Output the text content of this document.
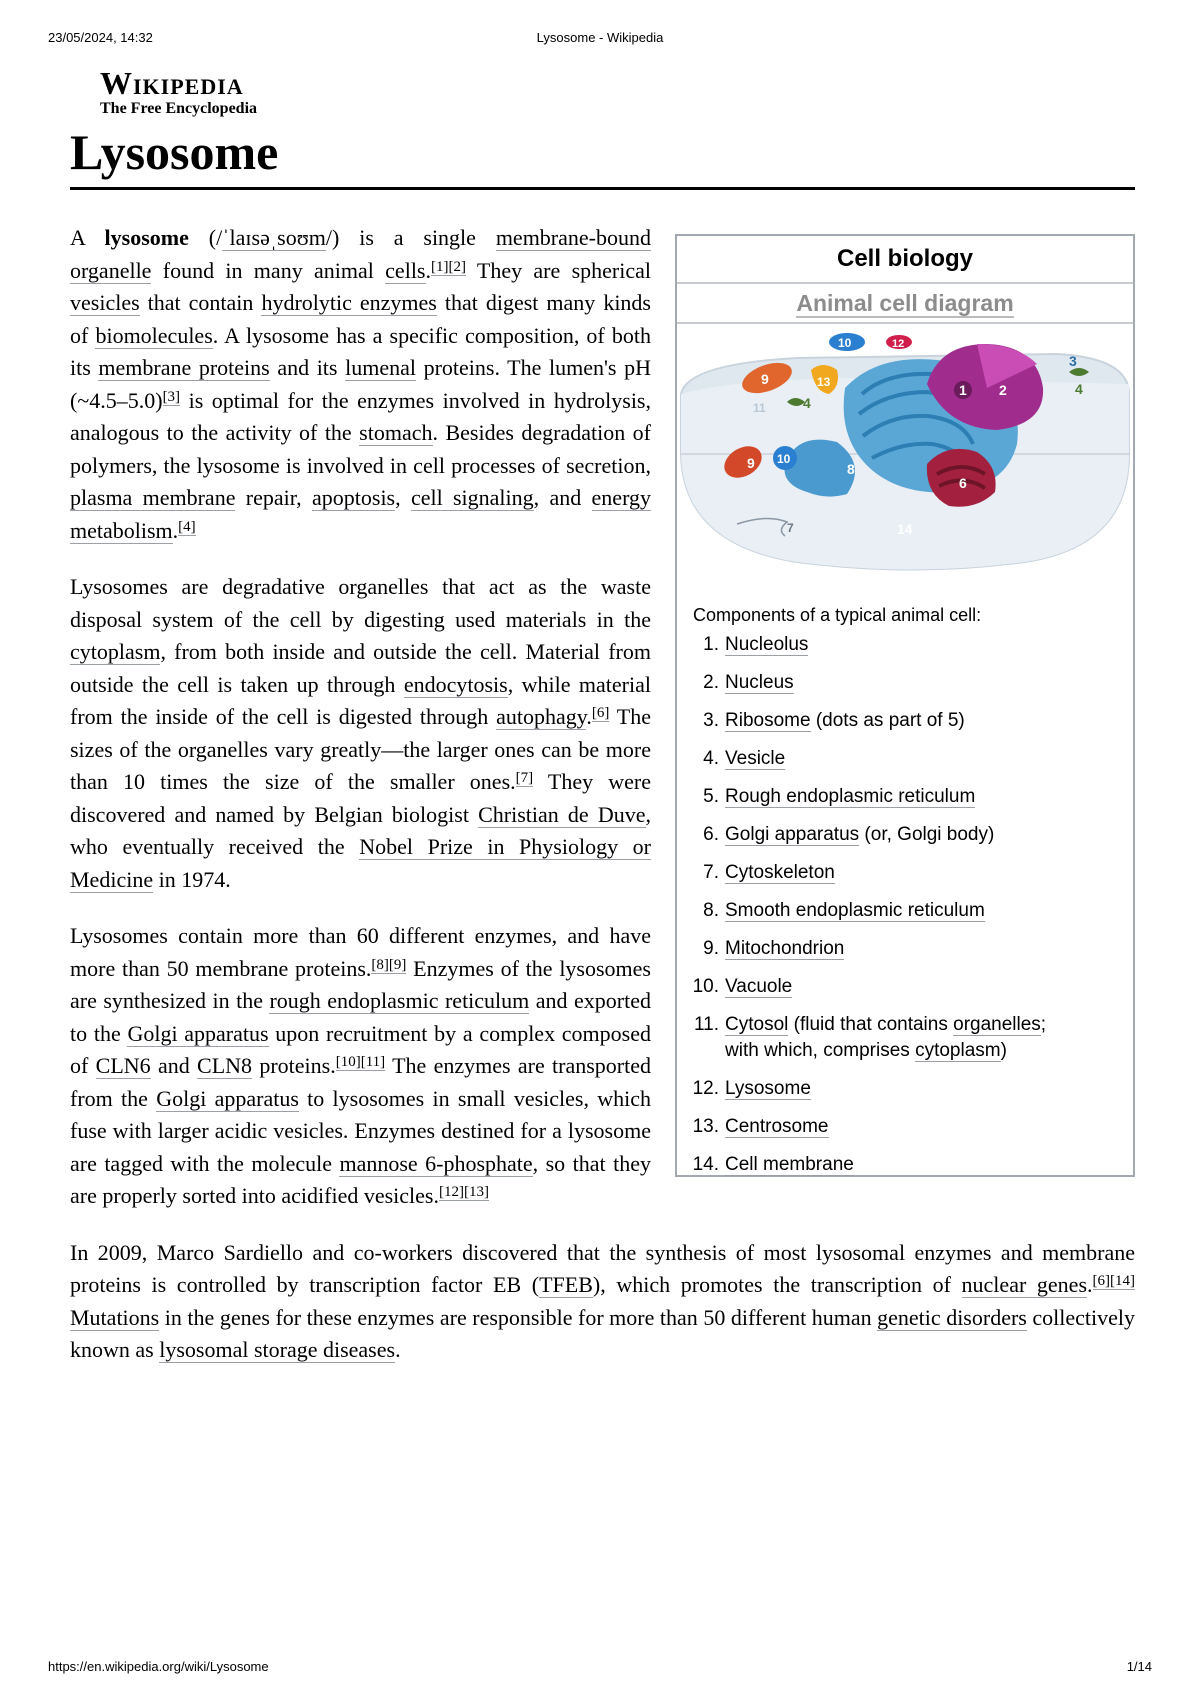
23/05/2024, 14:32	Lysosome - Wikipedia
Wikipedia
The Free Encyclopedia
Lysosome
Cell biology
Animal cell diagram
1 2
6
8
9
9
10
10
12
13
14
3
4
4
7
11
Components of a typical animal cell:
1. Nucleolus
2. Nucleus
3. Ribosome (dots as part of 5)
4. Vesicle
5. Rough endoplasmic reticulum
6. Golgi apparatus (or, Golgi body)
7. Cytoskeleton
8. Smooth endoplasmic reticulum
9. Mitochondrion
10. Vacuole
11. Cytosol (fluid that contains organelles;
with which, comprises cytoplasm)
12. Lysosome
13. Centrosome
14. Cell membrane

A lysosome (/ˈlaɪsəˌsoʊm/) is a single membrane-bound organelle found in many animal cells.[1][2] They are spherical vesicles that contain hydrolytic enzymes that digest many kinds of biomolecules. A lysosome has a specific composition, of both its membrane proteins and its lumenal proteins. The lumen's pH (~4.5–5.0)[3] is optimal for the enzymes involved in hydrolysis, analogous to the activity of the stomach. Besides degradation of polymers, the lysosome is involved in cell processes of secretion, plasma membrane repair, apoptosis, cell signaling, and energy metabolism.[4]

Lysosomes are degradative organelles that act as the waste disposal system of the cell by digesting used materials in the cytoplasm, from both inside and outside the cell. Material from outside the cell is taken up through endocytosis, while material from the inside of the cell is digested through autophagy.[6] The sizes of the organelles vary greatly—the larger ones can be more than 10 times the size of the smaller ones.[7] They were discovered and named by Belgian biologist Christian de Duve, who eventually received the Nobel Prize in Physiology or Medicine in 1974.

Lysosomes contain more than 60 different enzymes, and have more than 50 membrane proteins.[8][9] Enzymes of the lysosomes are synthesized in the rough endoplasmic reticulum and exported to the Golgi apparatus upon recruitment by a complex composed of CLN6 and CLN8 proteins.[10][11] The enzymes are transported from the Golgi apparatus to lysosomes in small vesicles, which fuse with larger acidic vesicles. Enzymes destined for a lysosome are tagged with the molecule mannose 6-phosphate, so that they are properly sorted into acidified vesicles.[12][13]

In 2009, Marco Sardiello and co-workers discovered that the synthesis of most lysosomal enzymes and membrane proteins is controlled by transcription factor EB (TFEB), which promotes the transcription of nuclear genes.[6][14] Mutations in the genes for these enzymes are responsible for more than 50 different human genetic disorders collectively known as lysosomal storage diseases.

https://en.wikipedia.org/wiki/Lysosome	1/14
